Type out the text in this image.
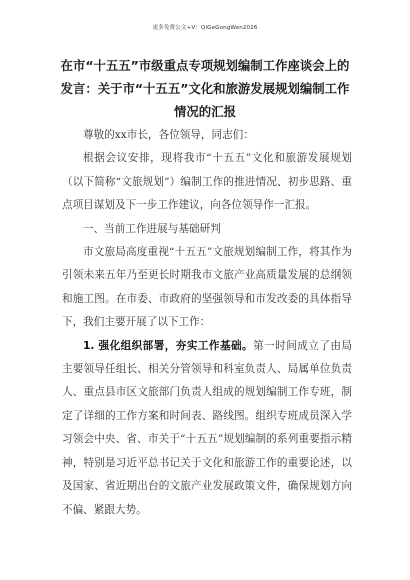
更多免费公文+V：QiGeGongWen2026
在市“十五五”市级重点专项规划编制工作座谈会上的发言：关于市“十五五”文化和旅游发展规划编制工作情况的汇报

尊敬的xx市长，各位领导，同志们：

根据会议安排，现将我市“十五五”文化和旅游发展规划（以下简称“文旅规划”）编制工作的推进情况、初步思路、重点项目谋划及下一步工作建议，向各位领导作一汇报。

一、当前工作进展与基础研判

市文旅局高度重视“十五五”文旅规划编制工作，将其作为引领未来五年乃至更长时期我市文旅产业高质量发展的总纲领和施工图。在市委、市政府的坚强领导和市发改委的具体指导下，我们主要开展了以下工作：

1. 强化组织部署，夯实工作基础。第一时间成立了由局主要领导任组长、相关分管领导和科室负责人、局属单位负责人、重点县市区文旅部门负责人组成的规划编制工作专班，制定了详细的工作方案和时间表、路线图。组织专班成员深入学习领会中央、省、市关于“十五五”规划编制的系列重要指示精神，特别是习近平总书记关于文化和旅游工作的重要论述，以及国家、省近期出台的文旅产业发展政策文件，确保规划方向不偏、紧跟大势。
